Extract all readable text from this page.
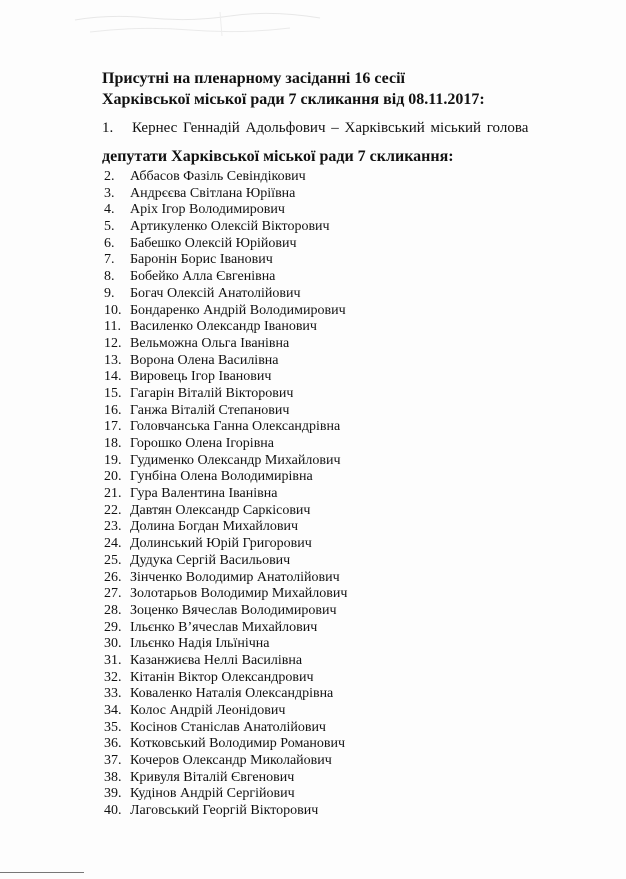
Присутні на пленарному засіданні 16 сесії
Харківської міської ради 7 скликання від 08.11.2017:
1. Кернес Геннадій Адольфович – Харківський міський голова
депутати Харківської міської ради 7 скликання:
2. Аббасов Фазіль Севіндікович
3. Андрєєва Світлана Юріївна
4. Аріх Ігор Володимирович
5. Артикуленко Олексій Вікторович
6. Бабешко Олексій Юрійович
7. Баронін Борис Іванович
8. Бобейко Алла Євгенівна
9. Богач Олексій Анатолійович
10. Бондаренко Андрій Володимирович
11. Василенко Олександр Іванович
12. Вельможна Ольга Іванівна
13. Ворона Олена Василівна
14. Вировець Ігор Іванович
15. Гагарін Віталій Вікторович
16. Ганжа Віталій Степанович
17. Головчанська Ганна Олександрівна
18. Горошко Олена Ігорівна
19. Гудименко Олександр Михайлович
20. Гунбіна Олена Володимирівна
21. Гура Валентина Іванівна
22. Давтян Олександр Саркісович
23. Долина Богдан Михайлович
24. Долинський Юрій Григорович
25. Дудука Сергій Васильович
26. Зінченко Володимир Анатолійович
27. Золотарьов Володимир Михайлович
28. Зоценко Вячеслав Володимирович
29. Ільєнко В’ячеслав Михайлович
30. Ільєнко Надія Ільїнічна
31. Казанжиєва Неллі Василівна
32. Кітанін Віктор Олександрович
33. Коваленко Наталія Олександрівна
34. Колос Андрій Леонідович
35. Косінов Станіслав Анатолійович
36. Котковський Володимир Романович
37. Кочеров Олександр Миколайович
38. Кривуля Віталій Євгенович
39. Кудінов Андрій Сергійович
40. Лаговський Георгій Вікторович
